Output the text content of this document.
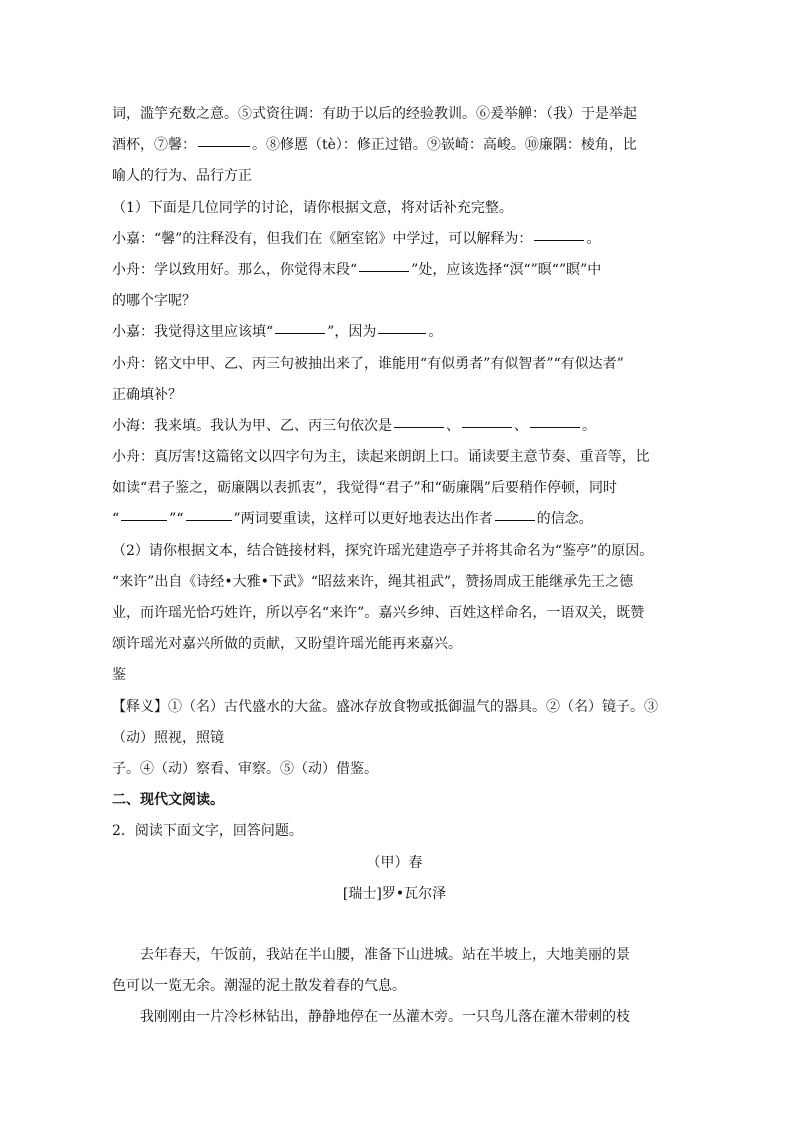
词，滥竽充数之意。⑤式资往调：有助于以后的经验教训。⑥爰举觯：（我）于是举起
酒杯，⑦馨：	。⑧修慝（tè）：修正过错。⑨嵚崎：高峻。⑩廉隅：棱角，比
喻人的行为、品行方正
（1）下面是几位同学的讨论，请你根据文意，将对话补充完整。
小嘉：“馨”的注释没有，但我们在《陋室铭》中学过，可以解释为：	。
小舟：学以致用好。那么，你觉得末段“	”处，应该选择“溟“”暝“”瞑”中
的哪个字呢？
小嘉：我觉得这里应该填“	”，因为	。
小舟：铭文中甲、乙、丙三句被抽出来了，谁能用“有似勇者”有似智者”“有似达者”
正确填补？
小海：我来填。我认为甲、乙、丙三句依次是	、	、	。
小舟：真厉害!这篇铭文以四字句为主，读起来朗朗上口。诵读要主意节奏、重音等，比
如读“君子鉴之，砺廉隅以表抓衷”，我觉得“君子”和“砺廉隅”后要稍作停顿，同时
“	”“	”两词要重读，这样可以更好地表达出作者	的信念。
（2）请你根据文本，结合链接材料，探究许瑶光建造亭子并将其命名为“鉴亭”的原因。
“来许”出自《诗经•大雅•下武》“昭兹来许，绳其祖武”，赞扬周成王能继承先王之德
业，而许瑶光恰巧姓许，所以亭名“来许”。嘉兴乡绅、百姓这样命名，一语双关，既赞
颂许瑶光对嘉兴所做的贡献，又盼望许瑶光能再来嘉兴。
鉴
【释义】①（名）古代盛水的大盆。盛冰存放食物或抵御温气的器具。②（名）镜子。③
（动）照视，照镜
子。④（动）察看、审察。⑤（动）借鉴。
二、现代文阅读。
2．阅读下面文字，回答问题。
（甲）春
[瑞士]罗•瓦尔泽
去年春天，午饭前，我站在半山腰，准备下山进城。站在半坡上，大地美丽的景
色可以一览无余。潮湿的泥土散发着春的气息。
我刚刚由一片冷杉林钻出，静静地停在一丛灌木旁。一只鸟儿落在灌木带刺的枝
